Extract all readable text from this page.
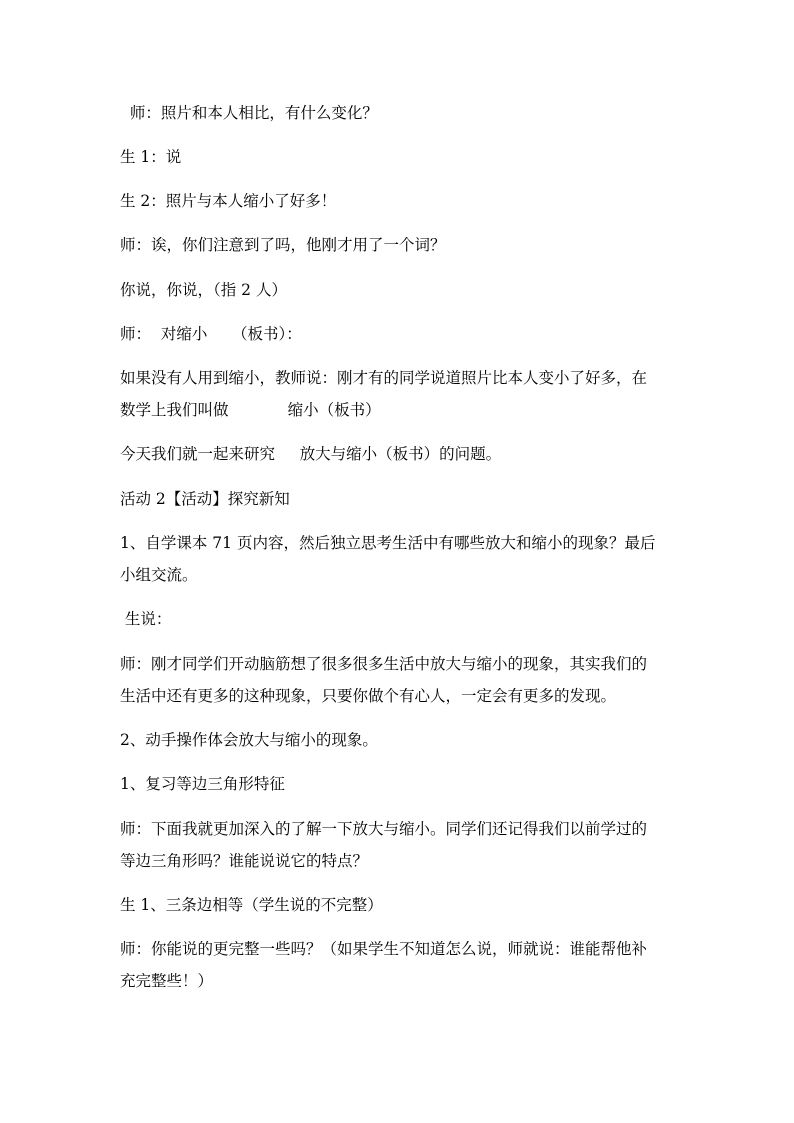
师：照片和本人相比，有什么变化？
生 1：说
生 2：照片与本人缩小了好多！
师：诶，你们注意到了吗，他刚才用了一个词？
你说，你说，（指 2 人）
师：  对缩小     （板书）：
如果没有人用到缩小，教师说：刚才有的同学说道照片比本人变小了好多，在
数学上我们叫做            缩小（板书）
今天我们就一起来研究     放大与缩小（板书）的问题。
活动 2【活动】探究新知
1、自学课本 71 页内容，然后独立思考生活中有哪些放大和缩小的现象？最后
小组交流。
生说：
师：刚才同学们开动脑筋想了很多很多生活中放大与缩小的现象，其实我们的
生活中还有更多的这种现象，只要你做个有心人，一定会有更多的发现。
2、动手操作体会放大与缩小的现象。
1、复习等边三角形特征
师：下面我就更加深入的了解一下放大与缩小。同学们还记得我们以前学过的
等边三角形吗？谁能说说它的特点？
生 1、三条边相等（学生说的不完整）
师：你能说的更完整一些吗？（如果学生不知道怎么说，师就说：谁能帮他补
充完整些！）
